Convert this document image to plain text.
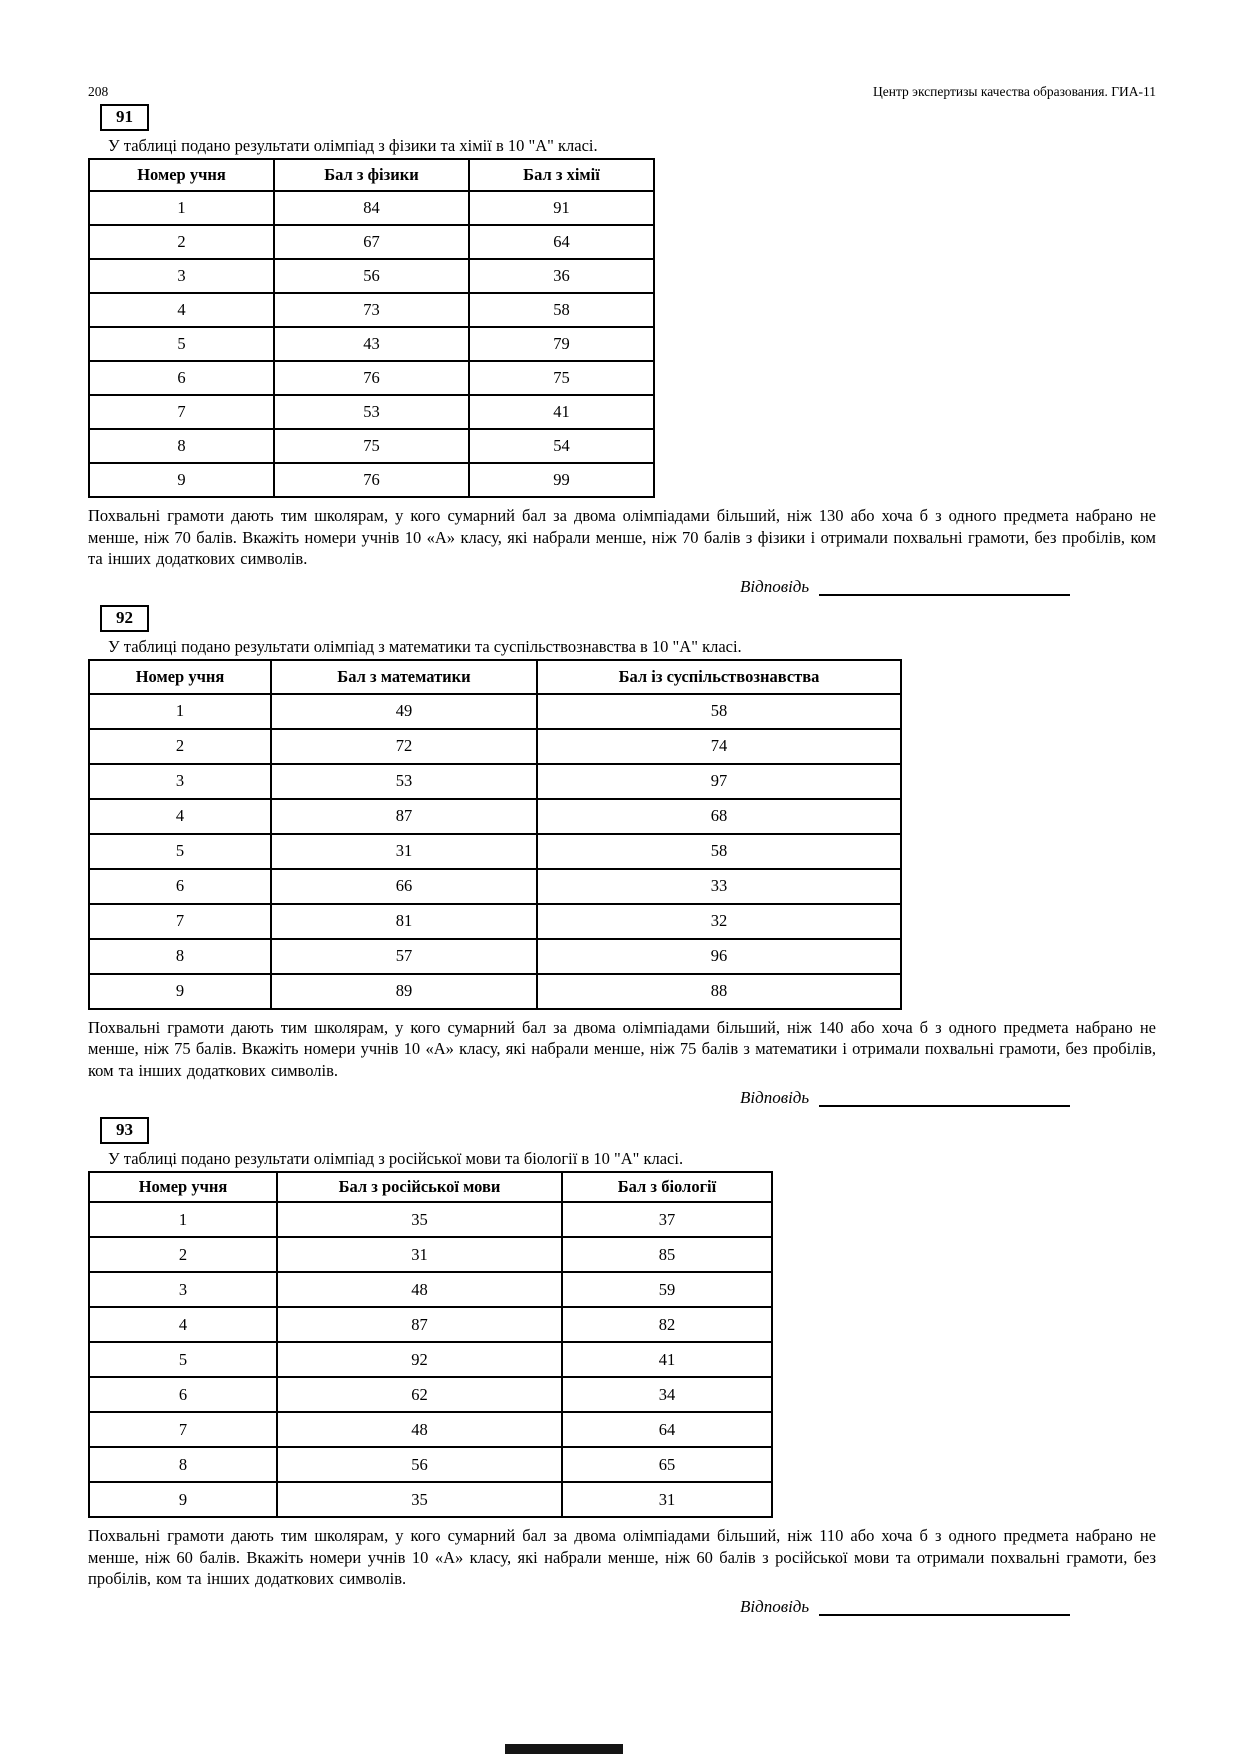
208	Центр экспертизы качества образования. ГИА-11
91

У таблиці подано результати олімпіад з фізики та хімії в 10 "А" класі.

Номер учня	Бал з фізики	Бал з хімії
1	84	91
2	67	64
3	56	36
4	73	58
5	43	79
6	76	75
7	53	41
8	75	54
9	76	99

Похвальні грамоти дають тим школярам, у кого сумарний бал за двома олімпіадами більший, ніж 130 або хоча б з одного предмета набрано не менше, ніж 70 балів. Вкажіть номери учнів 10 «А» класу, які набрали менше, ніж 70 балів з фізики і отримали похвальні грамоти, без пробілів, ком та інших додаткових символів.

Відповідь
92

У таблиці подано результати олімпіад з математики та суспільствознавства в 10 "А" класі.

Номер учня	Бал з математики	Бал із суспільствознавства
1	49	58
2	72	74
3	53	97
4	87	68
5	31	58
6	66	33
7	81	32
8	57	96
9	89	88

Похвальні грамоти дають тим школярам, у кого сумарний бал за двома олімпіадами більший, ніж 140 або хоча б з одного предмета набрано не менше, ніж 75 балів. Вкажіть номери учнів 10 «А» класу, які набрали менше, ніж 75 балів з математики і отримали похвальні грамоти, без пробілів, ком та інших додаткових символів.

Відповідь
93

У таблиці подано результати олімпіад з російської мови та біології в 10 "А" класі.

Номер учня	Бал з російської мови	Бал з біології
1	35	37
2	31	85
3	48	59
4	87	82
5	92	41
6	62	34
7	48	64
8	56	65
9	35	31

Похвальні грамоти дають тим школярам, у кого сумарний бал за двома олімпіадами більший, ніж 110 або хоча б з одного предмета набрано не менше, ніж 60 балів. Вкажіть номери учнів 10 «А» класу, які набрали менше, ніж 60 балів з російської мови та отримали похвальні грамоти, без пробілів, ком та інших додаткових символів.

Відповідь
